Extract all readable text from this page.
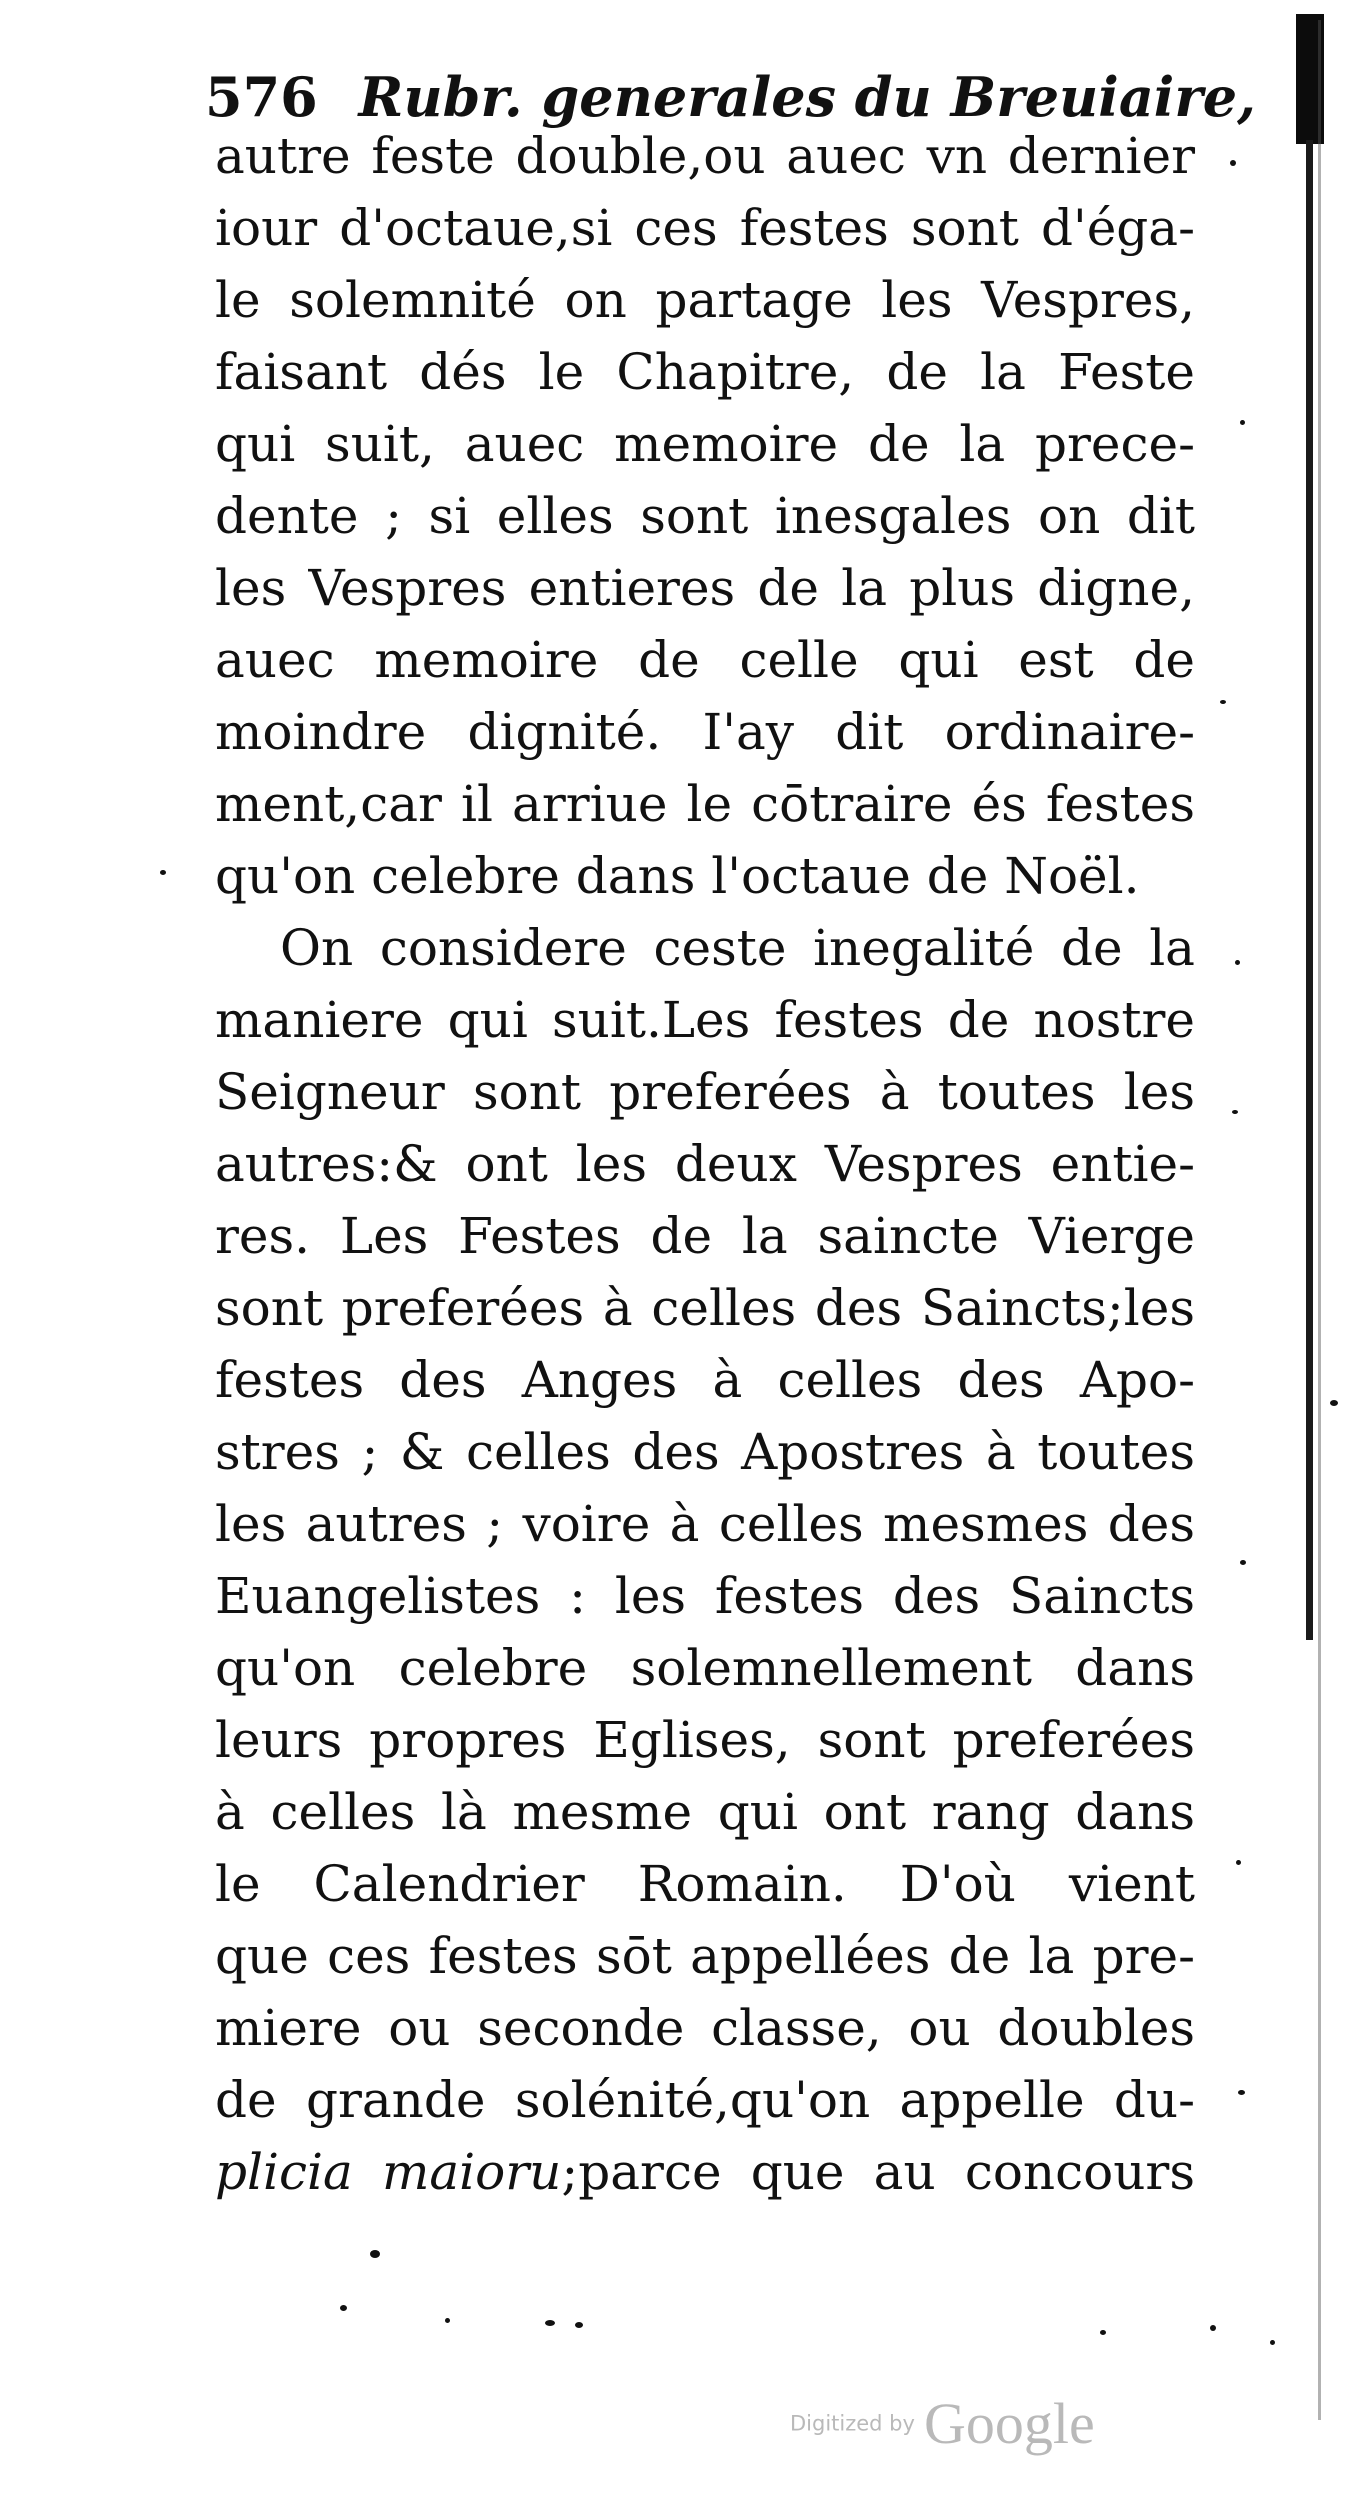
576 Rubr. generales du Breuiaire,
autre feste double,ou auec vn dernier
iour d'octaue,si ces festes sont d'éga-
le solemnité on partage les Vespres,
faisant dés le Chapitre, de la Feste
qui suit, auec memoire de la prece-
dente ; si elles sont inesgales on dit
les Vespres entieres de la plus digne,
auec memoire de celle qui est de
moindre dignité. I'ay dit ordinaire-
ment,car il arriue le cōtraire és festes
qu'on celebre dans l'octaue de Noël.
On considere ceste inegalité de la
maniere qui suit.Les festes de nostre
Seigneur sont preferées à toutes les
autres:& ont les deux Vespres entie-
res. Les Festes de la saincte Vierge
sont preferées à celles des Saincts;les
festes des Anges à celles des Apo-
stres ; & celles des Apostres à toutes
les autres ; voire à celles mesmes des
Euangelistes : les festes des Saincts
qu'on celebre solemnellement dans
leurs propres Eglises, sont preferées
à celles là mesme qui ont rang dans
le Calendrier Romain. D'où vient
que ces festes sōt appellées de la pre-
miere ou seconde classe, ou doubles
de grande solénité,qu'on appelle du-
plicia maioru;parce que au concours
Digitized by Google
